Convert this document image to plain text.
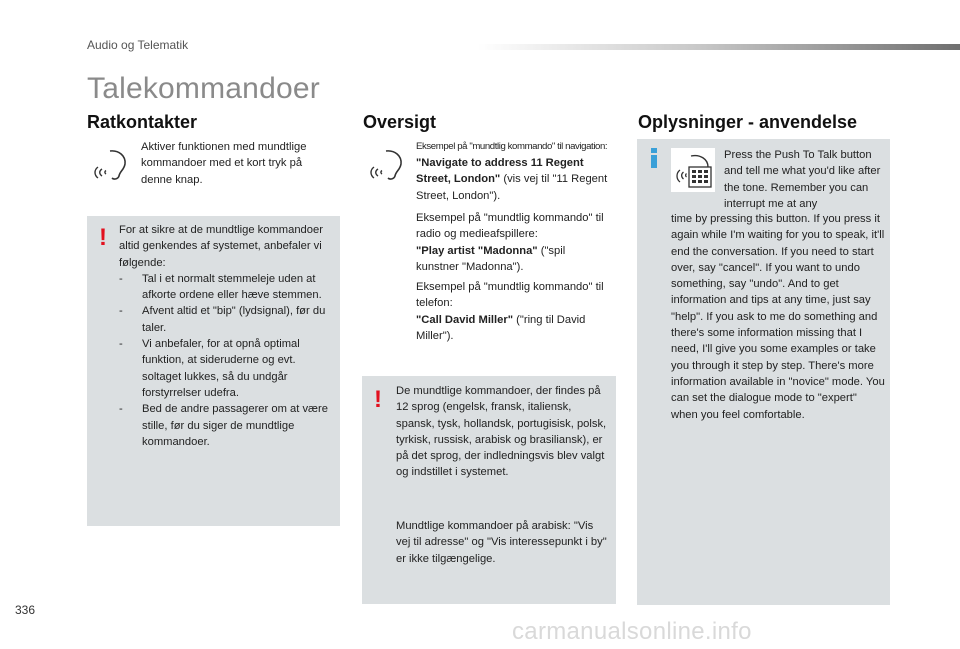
Audio og Telematik
Talekommandoer
Ratkontakter
Aktiver funktionen med mundtlige kommandoer med et kort tryk på denne knap.
! For at sikre at de mundtlige kommandoer altid genkendes af systemet, anbefaler vi følgende:
- Tal i et normalt stemmeleje uden at afkorte ordene eller hæve stemmen.
- Afvent altid et "bip" (lydsignal), før du taler.
- Vi anbefaler, for at opnå optimal funktion, at sideruderne og evt. soltaget lukkes, så du undgår forstyrrelser udefra.
- Bed de andre passagerer om at være stille, før du siger de mundtlige kommandoer.
Oversigt
Eksempel på "mundtlig kommando" til navigation:
"Navigate to address 11 Regent Street, London" (vis vej til "11 Regent Street, London").
Eksempel på "mundtlig kommando" til radio og medieafspillere:
"Play artist "Madonna" ("spil kunstner "Madonna").
Eksempel på "mundtlig kommando" til telefon:
"Call David Miller" ("ring til David Miller").
! De mundtlige kommandoer, der findes på 12 sprog (engelsk, fransk, italiensk, spansk, tysk, hollandsk, portugisisk, polsk, tyrkisk, russisk, arabisk og brasiliansk), er på det sprog, der indledningsvis blev valgt og indstillet i systemet.
Mundtlige kommandoer på arabisk: "Vis vej til adresse" og "Vis interessepunkt i by" er ikke tilgængelige.
Oplysninger - anvendelse
Press the Push To Talk button and tell me what you'd like after the tone. Remember you can interrupt me at any
time by pressing this button. If you press it again while I'm waiting for you to speak, it'll end the conversation. If you need to start over, say "cancel". If you want to undo something, say "undo". And to get information and tips at any time, just say "help". If you ask to me do something and there's some information missing that I need, I'll give you some examples or take you through it step by step. There's more information available in "novice" mode. You can set the dialogue mode to "expert" when you feel comfortable.
336
carmanualsonline.info
